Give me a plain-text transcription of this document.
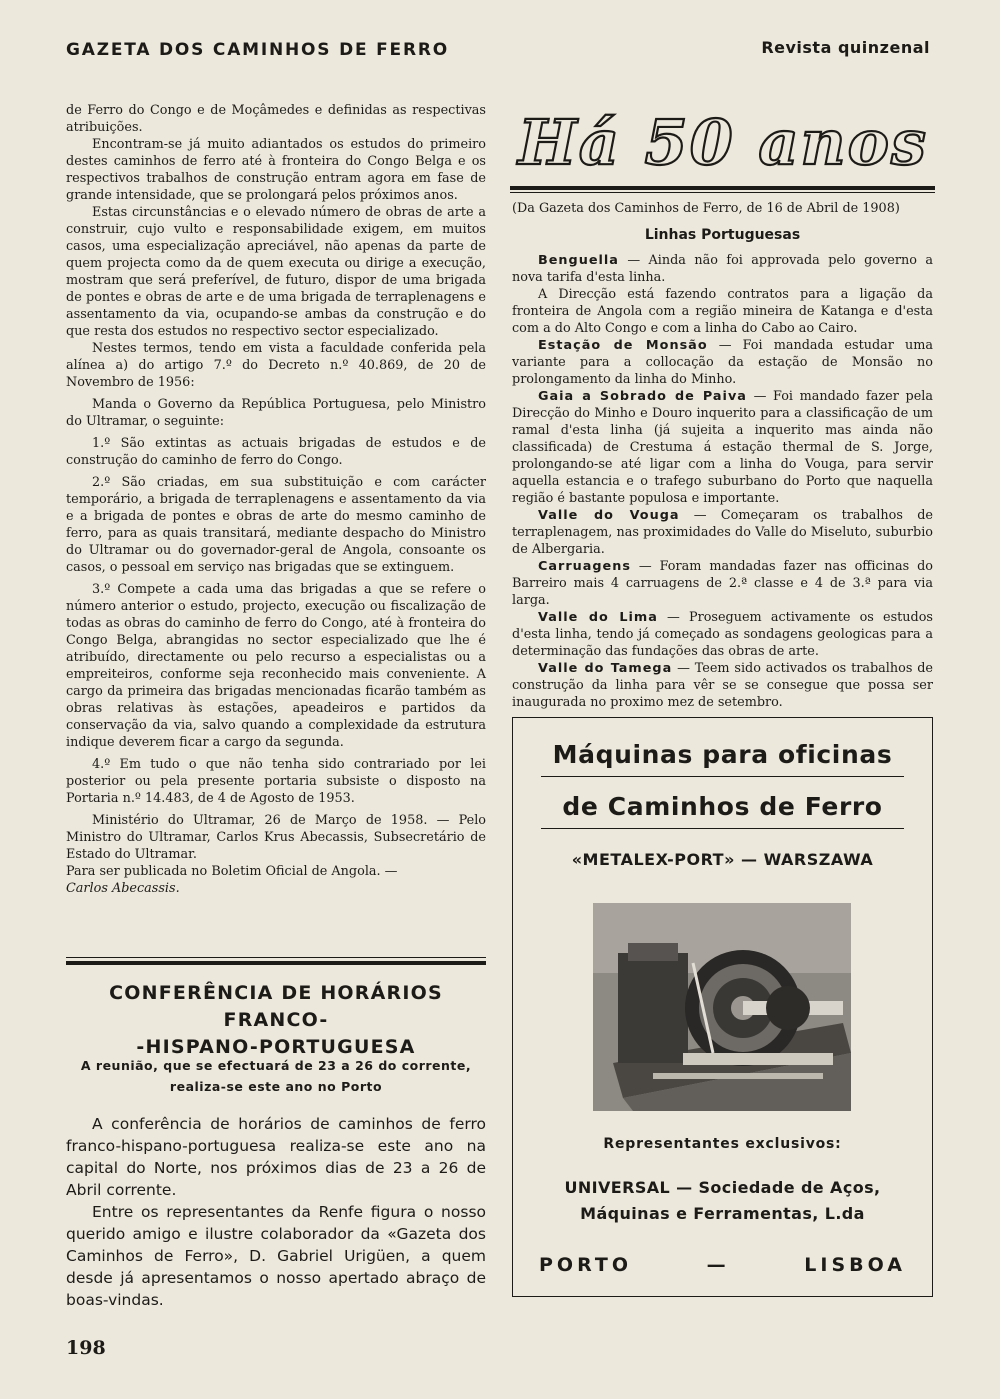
GAZETA DOS CAMINHOS DE FERRO	Revista quinzenal

de Ferro do Congo e de Moçâmedes e definidas as respectivas atribuições.

Encontram-se já muito adiantados os estudos do primeiro destes caminhos de ferro até à fronteira do Congo Belga e os respectivos trabalhos de construção entram agora em fase de grande intensidade, que se prolongará pelos próximos anos.

Estas circunstâncias e o elevado número de obras de arte a construir, cujo vulto e responsabilidade exigem, em muitos casos, uma especialização apreciável, não apenas da parte de quem projecta como da de quem executa ou dirige a execução, mostram que será preferível, de futuro, dispor de uma brigada de pontes e obras de arte e de uma brigada de terraplenagens e assentamento da via, ocupando-se ambas da construção e do que resta dos estudos no respectivo sector especializado.

Nestes termos, tendo em vista a faculdade conferida pela alínea a) do artigo 7.º do Decreto n.º 40.869, de 20 de Novembro de 1956:

Manda o Governo da República Portuguesa, pelo Ministro do Ultramar, o seguinte:

1.º São extintas as actuais brigadas de estudos e de construção do caminho de ferro do Congo.

2.º São criadas, em sua substituição e com carácter temporário, a brigada de terraplenagens e assentamento da via e a brigada de pontes e obras de arte do mesmo caminho de ferro, para as quais transitará, mediante despacho do Ministro do Ultramar ou do governador-geral de Angola, consoante os casos, o pessoal em serviço nas brigadas que se extinguem.

3.º Compete a cada uma das brigadas a que se refere o número anterior o estudo, projecto, execução ou fiscalização de todas as obras do caminho de ferro do Congo, até à fronteira do Congo Belga, abrangidas no sector especializado que lhe é atribuído, directamente ou pelo recurso a especialistas ou a empreiteiros, conforme seja reconhecido mais conveniente. A cargo da primeira das brigadas mencionadas ficarão também as obras relativas às estações, apeadeiros e partidos da conservação da via, salvo quando a complexidade da estrutura indique deverem ficar a cargo da segunda.

4.º Em tudo o que não tenha sido contrariado por lei posterior ou pela presente portaria subsiste o disposto na Portaria n.º 14.483, de 4 de Agosto de 1953.

Ministério do Ultramar, 26 de Março de 1958. — Pelo Ministro do Ultramar, Carlos Krus Abecassis, Subsecretário de Estado do Ultramar.

Para ser publicada no Boletim Oficial de Angola. —

Carlos Abecassis.

CONFERÊNCIA DE HORÁRIOS FRANCO-
-HISPANO-PORTUGUESA
A reunião, que se efectuará de 23 a 26 do corrente,
realiza-se este ano no Porto

A conferência de horários de caminhos de ferro franco-hispano-portuguesa realiza-se este ano na capital do Norte, nos próximos dias de 23 a 26 de Abril corrente.

Entre os representantes da Renfe figura o nosso querido amigo e ilustre colaborador da «Gazeta dos Caminhos de Ferro», D. Gabriel Urigüen, a quem desde já apresentamos o nosso apertado abraço de boas-vindas.

198
Há 50 anos

(Da Gazeta dos Caminhos de Ferro, de 16 de Abril de 1908)

Linhas Portuguesas

Benguella — Ainda não foi approvada pelo governo a nova tarifa d'esta linha.

A Direcção está fazendo contratos para a ligação da fronteira de Angola com a região mineira de Katanga e d'esta com a do Alto Congo e com a linha do Cabo ao Cairo.

Estação de Monsão — Foi mandada estudar uma variante para a collocação da estação de Monsão no prolongamento da linha do Minho.

Gaia a Sobrado de Paiva — Foi mandado fazer pela Direcção do Minho e Douro inquerito para a classificação de um ramal d'esta linha (já sujeita a inquerito mas ainda não classificada) de Crestuma á estação thermal de S. Jorge, prolongando-se até ligar com a linha do Vouga, para servir aquella estancia e o trafego suburbano do Porto que naquella região é bastante populosa e importante.

Valle do Vouga — Começaram os trabalhos de terraplenagem, nas proximidades do Valle do Miseluto, suburbio de Albergaria.

Carruagens — Foram mandadas fazer nas officinas do Barreiro mais 4 carruagens de 2.ª classe e 4 de 3.ª para via larga.

Valle do Lima — Proseguem activamente os estudos d'esta linha, tendo já começado as sondagens geologicas para a determinação das fundações das obras de arte.

Valle do Tamega — Teem sido activados os trabalhos de construção da linha para vêr se se consegue que possa ser inaugurada no proximo mez de setembro.

Máquinas para oficinas
de Caminhos de Ferro
«METALEX-PORT» — WARSZAWA
Representantes exclusivos:
UNIVERSAL — Sociedade de Aços,
Máquinas e Ferramentas, L.da
PORTO	—	LISBOA
